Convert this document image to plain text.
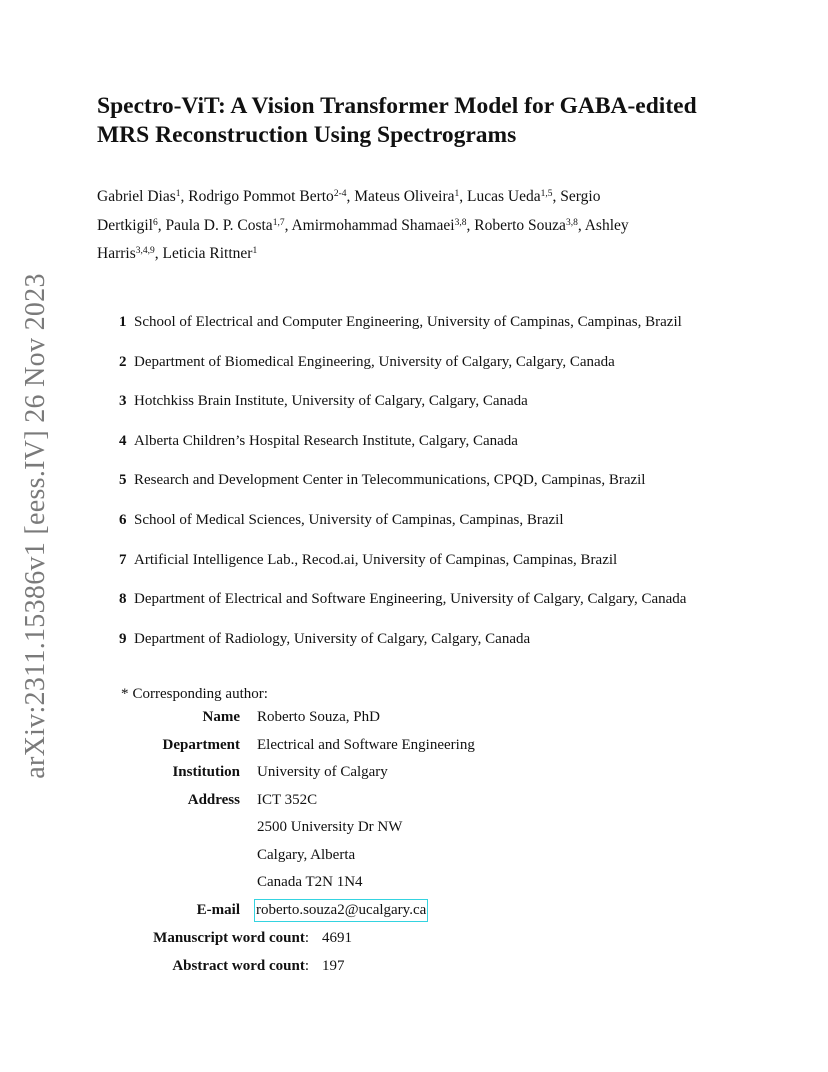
arXiv:2311.15386v1 [eess.IV] 26 Nov 2023
Spectro-ViT: A Vision Transformer Model for GABA-edited
MRS Reconstruction Using Spectrograms
Gabriel Dias$^1$, Rodrigo Pommot Berto$^{2-4}$, Mateus Oliveira$^1$, Lucas Ueda$^{1,5}$, Sergio
Dertkigil$^6$, Paula D. P. Costa$^{1,7}$, Amirmohammad Shamaei$^{3,8}$, Roberto Souza$^{3,8}$, Ashley
Harris$^{3,4,9}$, Leticia Rittner$^1$
1 School of Electrical and Computer Engineering, University of Campinas, Campinas, Brazil
2 Department of Biomedical Engineering, University of Calgary, Calgary, Canada
3 Hotchkiss Brain Institute, University of Calgary, Calgary, Canada
4 Alberta Children’s Hospital Research Institute, Calgary, Canada
5 Research and Development Center in Telecommunications, CPQD, Campinas, Brazil
6 School of Medical Sciences, University of Campinas, Campinas, Brazil
7 Artificial Intelligence Lab., Recod.ai, University of Campinas, Campinas, Brazil
8 Department of Electrical and Software Engineering, University of Calgary, Calgary, Canada
9 Department of Radiology, University of Calgary, Calgary, Canada
* Corresponding author:
Name Roberto Souza, PhD
Department Electrical and Software Engineering
Institution University of Calgary
Address ICT 352C
2500 University Dr NW
Calgary, Alberta
Canada T2N 1N4
E-mail roberto.souza2@ucalgary.ca
Manuscript word count: 4691
Abstract word count: 197
